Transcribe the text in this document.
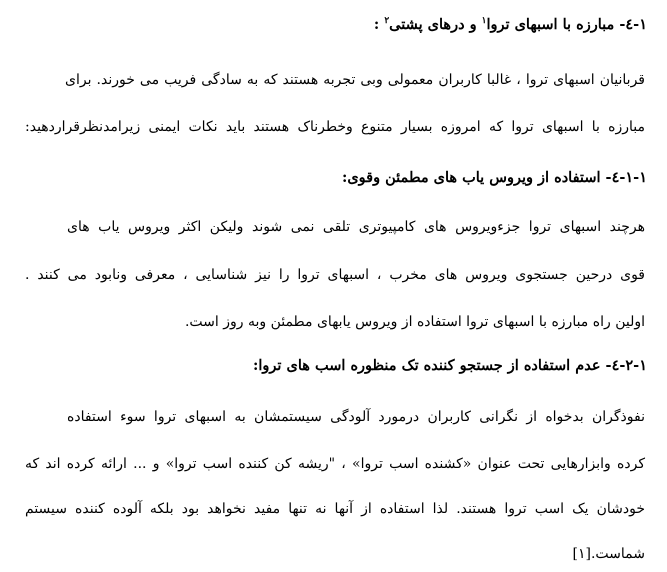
۱-٤- مبارزه با اسبهای تروا$^۱$ و درهای پشتی$^۲$ :
قربانیان اسبهای تروا ، غالبا کاربران معمولی وبی تجربه هستند که به سادگی فریب می خورند. برای
مبارزه با اسبهای تروا که امروزه بسیار متنوع وخطرناک هستند باید نکات ایمنی زیرامدنظرقراردهید:
۱-۱-٤- استفاده از ویروس یاب های مطمئن وقوی:
هرچند اسبهای تروا جزءویروس های کامپیوتری تلقی نمی شوند ولیکن اکثر ویروس یاب های
قوی درحین جستجوی ویروس های مخرب ، اسبهای تروا را نیز شناسایی ، معرفی ونابود می کنند .
اولین راه مبارزه با اسبهای تروا استفاده از ویروس یابهای مطمئن وبه روز است.
۲-۱-٤- عدم استفاده از جستجو کننده تک منظوره اسب های تروا:
نفوذگران بدخواه از نگرانی کاربران درمورد آلودگی سیستمشان به اسبهای تروا سوء استفاده
کرده وابزارهایی تحت عنوان «کشنده اسب تروا» ، "ریشه کن کننده اسب تروا» و ... ارائه کرده اند که
خودشان یک اسب تروا هستند. لذا استفاده از آنها نه تنها مفید نخواهد بود بلکه آلوده کننده سیستم
شماست.[۱]
